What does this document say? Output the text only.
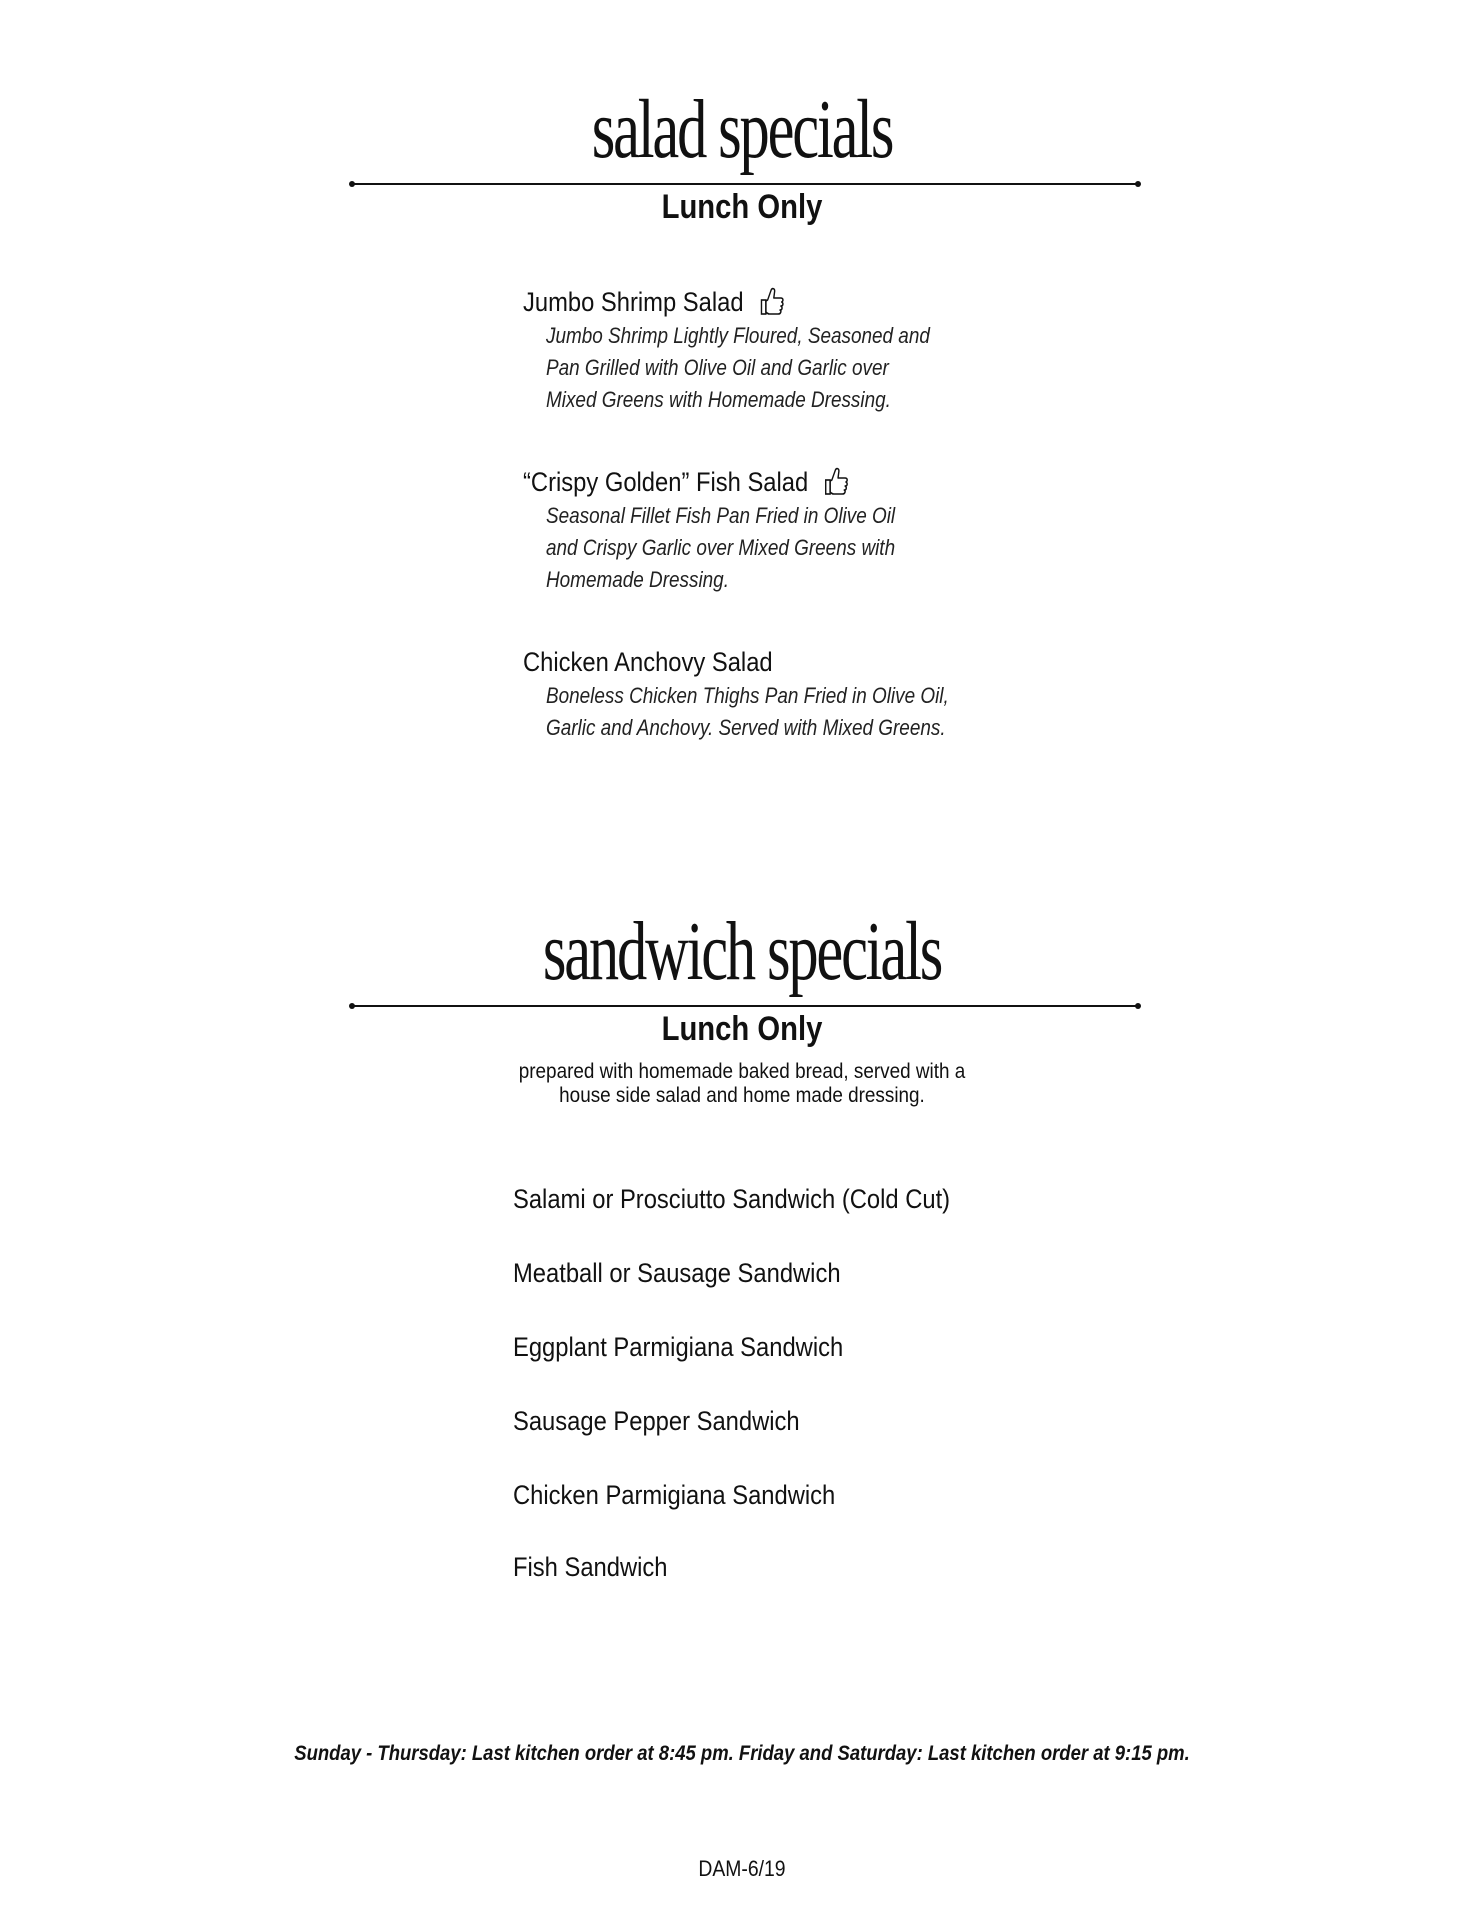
salad specials
Lunch Only
Jumbo Shrimp Salad
Jumbo Shrimp Lightly Floured, Seasoned and
Pan Grilled with Olive Oil and Garlic over
Mixed Greens with Homemade Dressing.
“Crispy Golden” Fish Salad
Seasonal Fillet Fish Pan Fried in Olive Oil
and Crispy Garlic over Mixed Greens with
Homemade Dressing.
Chicken Anchovy Salad
Boneless Chicken Thighs Pan Fried in Olive Oil,
Garlic and Anchovy. Served with Mixed Greens.
sandwich specials
Lunch Only
prepared with homemade baked bread, served with a
house side salad and home made dressing.
Salami or Prosciutto Sandwich (Cold Cut)
Meatball or Sausage Sandwich
Eggplant Parmigiana Sandwich
Sausage Pepper Sandwich
Chicken Parmigiana Sandwich
Fish Sandwich
Sunday - Thursday: Last kitchen order at 8:45 pm. Friday and Saturday: Last kitchen order at 9:15 pm.
DAM-6/19
